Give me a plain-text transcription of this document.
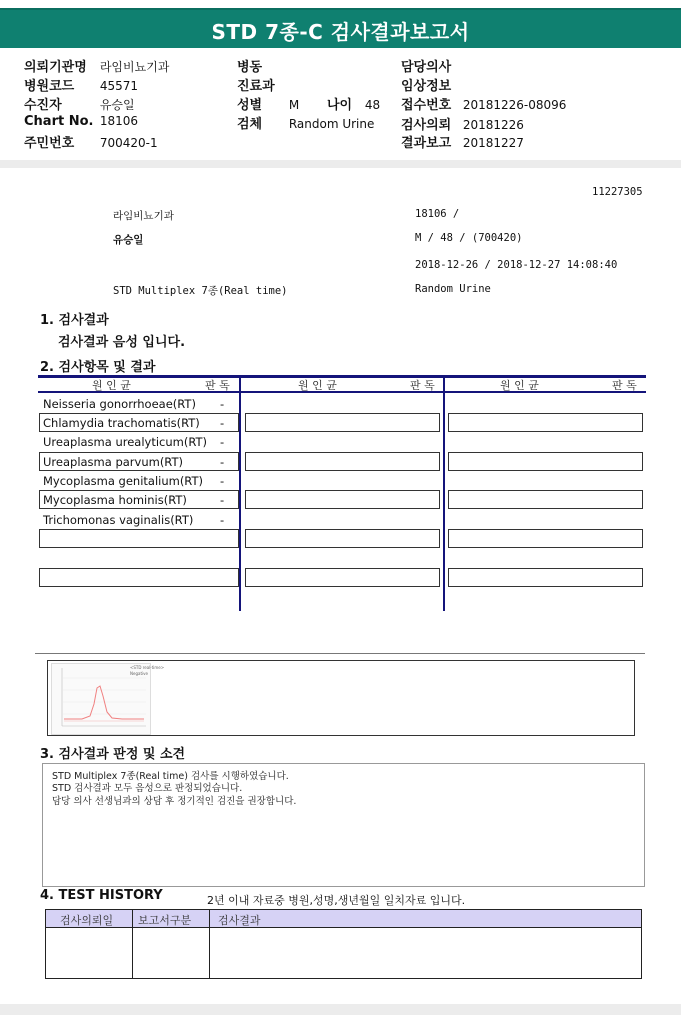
STD 7종-C 검사결과보고서
의뢰기관명 라임비뇨기과
병원코드 45571
수진자	유승일
Chart No. 18106
주민번호 700420-1
병동
진료과
성별 M 나이 48
검체 Random Urine
담당의사
임상정보
접수번호 20181226-08096
검사의뢰 20181226
결과보고 20181227
11227305
라임비뇨기과	18106 /
유승일	M / 48 / (700420)
2018-12-26 / 2018-12-27 14:08:40
STD Multiplex 7종(Real time)	Random Urine
1. 검사결과
검사결과 음성 입니다.
2. 검사항목 및 결과
원 인 균	판 독	원 인 균	판 독	원 인 균	판 독
Neisseria gonorrhoeae(RT) -
Chlamydia trachomatis(RT) -
Ureaplasma urealyticum(RT) -
Ureaplasma parvum(RT)	-
Mycoplasma genitalium(RT) -
Mycoplasma hominis(RT)	-
Trichomonas vaginalis(RT) -
<STD real-time>
Negative
3. 검사결과 판정 및 소견
STD Multiplex 7종(Real time) 검사를 시행하였습니다.
STD 검사결과 모두 음성으로 판정되었습니다.
담당 의사 선생님과의 상담 후 정기적인 검진을 권장합니다.
4. TEST HISTORY	2년 이내 자료중 병원,성명,생년월일 일치자료 입니다.
검사의뢰일 보고서구분 검사결과
